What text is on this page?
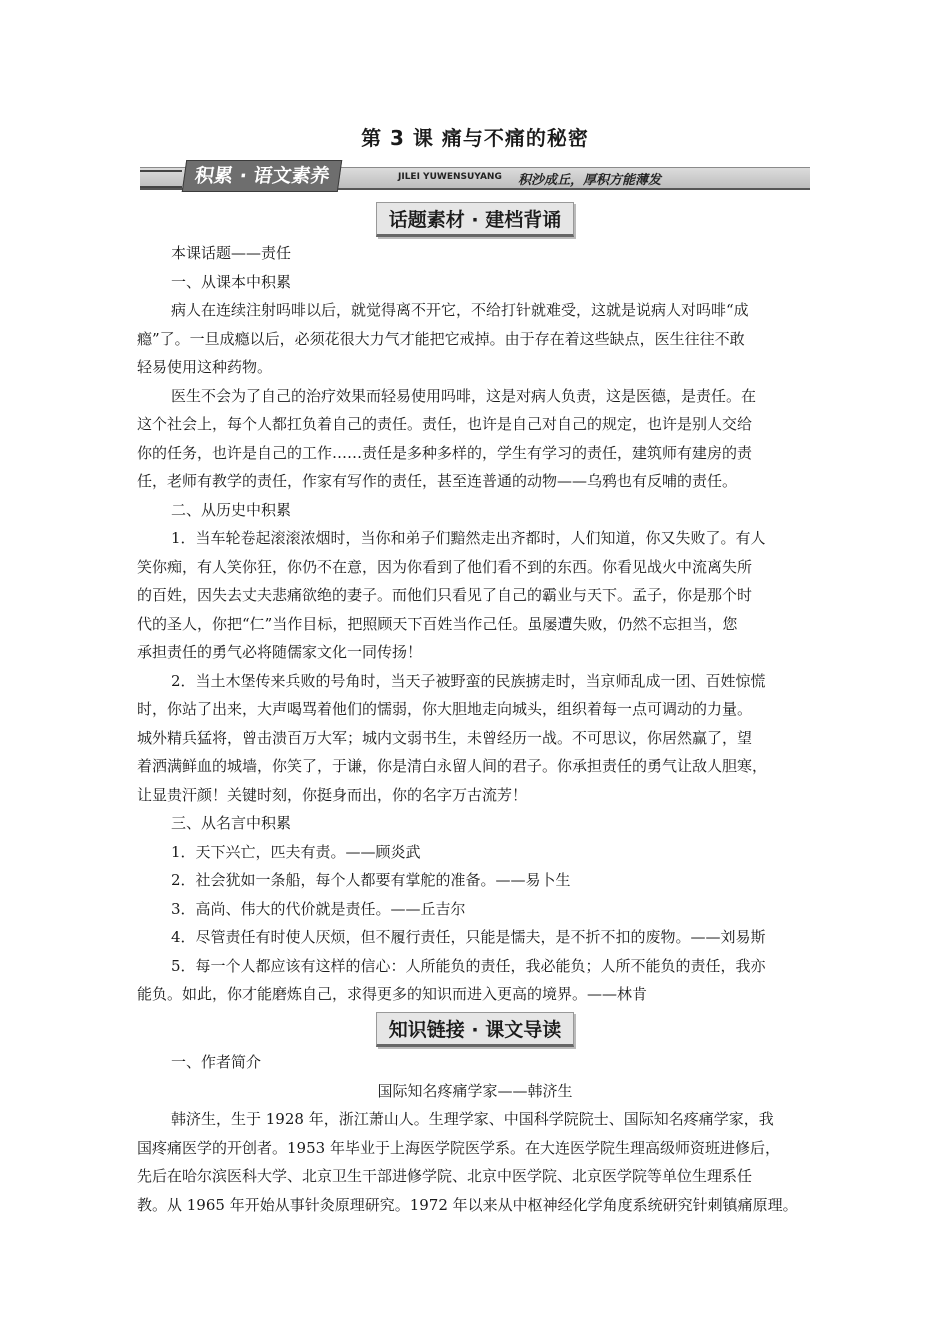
第 3 课 痛与不痛的秘密
积累 · 语文素养	JILEI YUWENSUYANG 积沙成丘，厚积方能薄发
话题素材 · 建档背诵
本课话题——责任
一、从课本中积累
病人在连续注射吗啡以后，就觉得离不开它，不给打针就难受，这就是说病人对吗啡“成
瘾”了。一旦成瘾以后，必须花很大力气才能把它戒掉。由于存在着这些缺点，医生往往不敢
轻易使用这种药物。
医生不会为了自己的治疗效果而轻易使用吗啡，这是对病人负责，这是医德，是责任。在
这个社会上，每个人都扛负着自己的责任。责任，也许是自己对自己的规定，也许是别人交给
你的任务，也许是自己的工作……责任是多种多样的，学生有学习的责任，建筑师有建房的责
任，老师有教学的责任，作家有写作的责任，甚至连普通的动物——乌鸦也有反哺的责任。
二、从历史中积累
1．当车轮卷起滚滚浓烟时，当你和弟子们黯然走出齐都时，人们知道，你又失败了。有人
笑你痴，有人笑你狂，你仍不在意，因为你看到了他们看不到的东西。你看见战火中流离失所
的百姓，因失去丈夫悲痛欲绝的妻子。而他们只看见了自己的霸业与天下。孟子，你是那个时
代的圣人，你把“仁”当作目标，把照顾天下百姓当作己任。虽屡遭失败，仍然不忘担当，您
承担责任的勇气必将随儒家文化一同传扬！
2．当土木堡传来兵败的号角时，当天子被野蛮的民族掳走时，当京师乱成一团、百姓惊慌
时，你站了出来，大声喝骂着他们的懦弱，你大胆地走向城头，组织着每一点可调动的力量。
城外精兵猛将，曾击溃百万大军；城内文弱书生，未曾经历一战。不可思议，你居然赢了，望
着洒满鲜血的城墙，你笑了，于谦，你是清白永留人间的君子。你承担责任的勇气让敌人胆寒，
让显贵汗颜！关键时刻，你挺身而出，你的名字万古流芳！
三、从名言中积累
1．天下兴亡，匹夫有责。——顾炎武
2．社会犹如一条船，每个人都要有掌舵的准备。——易卜生
3．高尚、伟大的代价就是责任。——丘吉尔
4．尽管责任有时使人厌烦，但不履行责任，只能是懦夫，是不折不扣的废物。——刘易斯
5．每一个人都应该有这样的信心：人所能负的责任，我必能负；人所不能负的责任，我亦
能负。如此，你才能磨炼自己，求得更多的知识而进入更高的境界。——林肯
知识链接 · 课文导读
一、作者简介
国际知名疼痛学家——韩济生
韩济生，生于 1928 年，浙江萧山人。生理学家、中国科学院院士、国际知名疼痛学家，我
国疼痛医学的开创者。1953 年毕业于上海医学院医学系。在大连医学院生理高级师资班进修后，
先后在哈尔滨医科大学、北京卫生干部进修学院、北京中医学院、北京医学院等单位生理系任
教。从 1965 年开始从事针灸原理研究。1972 年以来从中枢神经化学角度系统研究针刺镇痛原理。
